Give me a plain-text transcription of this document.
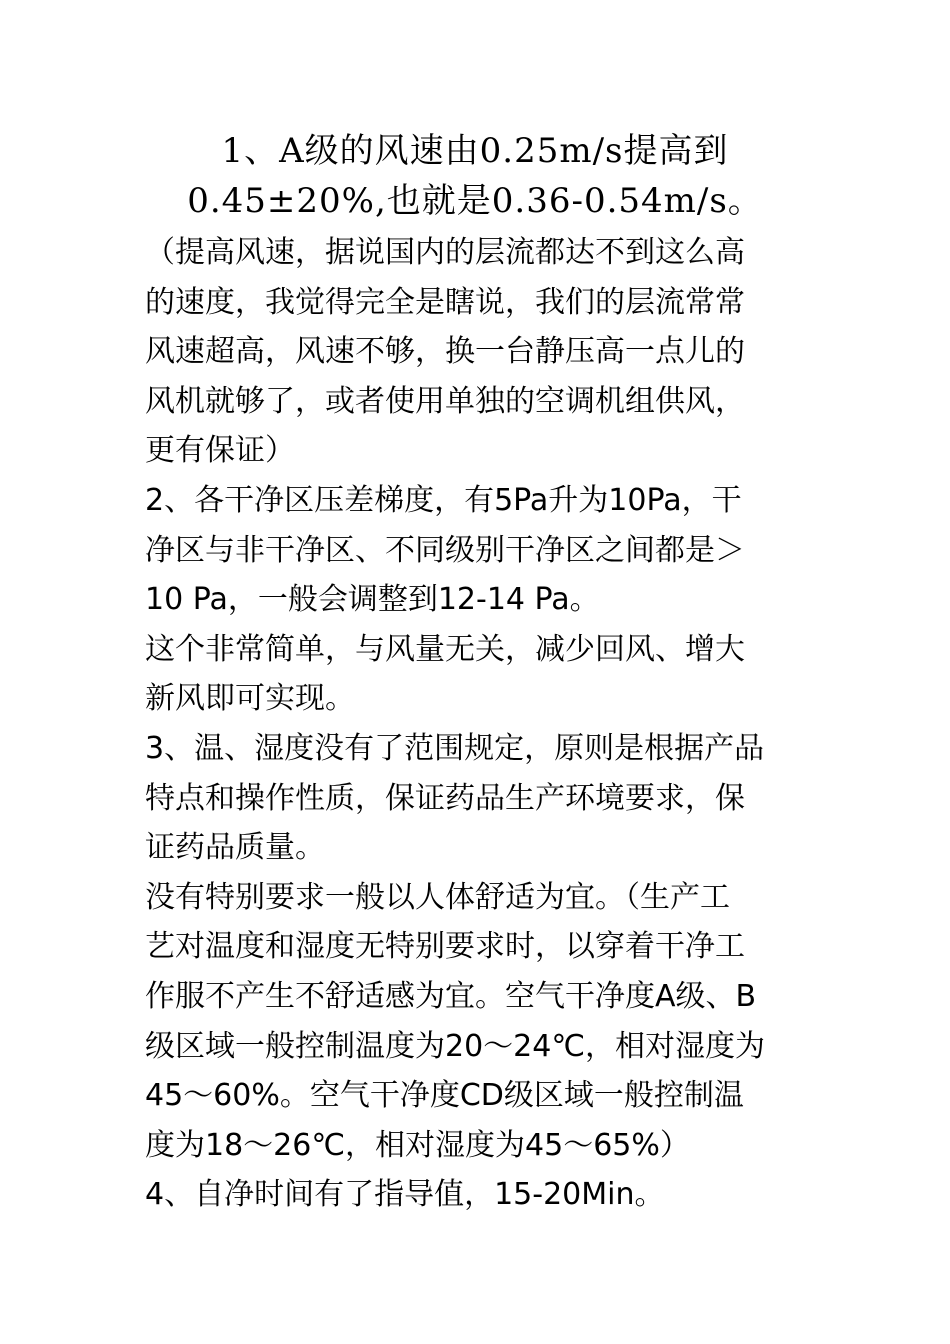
1、A级的风速由0.25m/s提高到
0.45±20%,也就是0.36-0.54m/s。
（提高风速，据说国内的层流都达不到这么高
的速度，我觉得完全是瞎说，我们的层流常常
风速超高，风速不够，换一台静压高一点儿的
风机就够了，或者使用单独的空调机组供风，
更有保证）
2、各干净区压差梯度，有5Pa升为10Pa，干
净区与非干净区、不同级别干净区之间都是＞
10 Pa，一般会调整到12-14 Pa。
这个非常简单，与风量无关，减少回风、增大
新风即可实现。
3、温、湿度没有了范围规定，原则是根据产品
特点和操作性质，保证药品生产环境要求，保
证药品质量。
没有特别要求一般以人体舒适为宜。（生产工
艺对温度和湿度无特别要求时，以穿着干净工
作服不产生不舒适感为宜。空气干净度A级、B
级区域一般控制温度为20～24℃，相对湿度为
45～60%。空气干净度CD级区域一般控制温
度为18～26℃，相对湿度为45～65%）
4、自净时间有了指导值，15-20Min。
